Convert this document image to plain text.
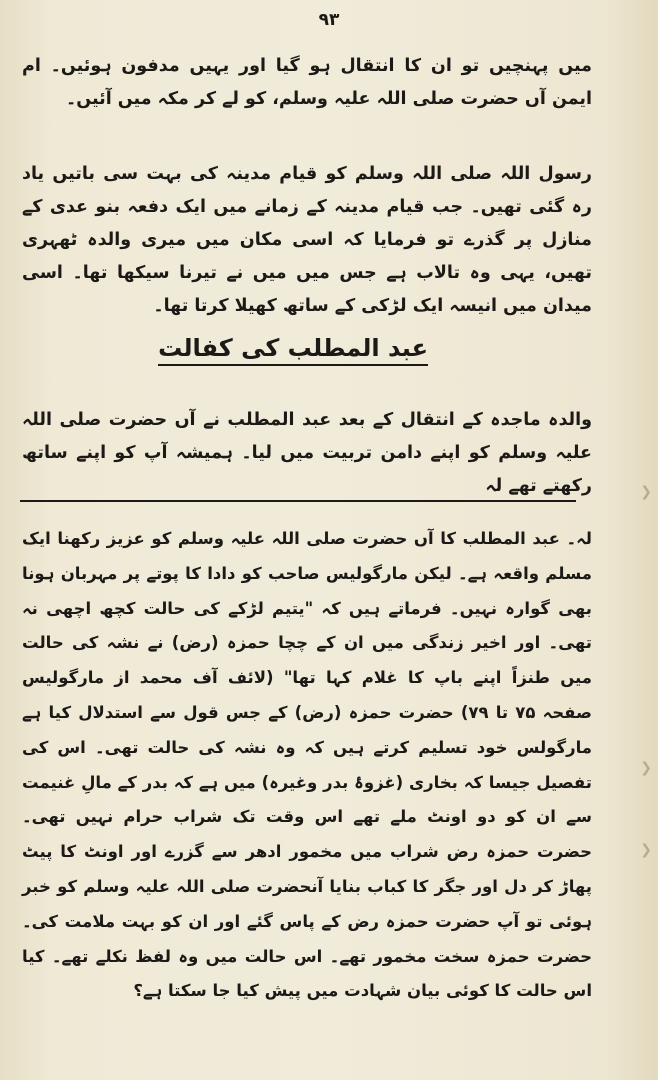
۹۳

میں پہنچیں تو ان کا انتقال ہو گیا اور یہیں مدفون ہوئیں۔ ام ایمن آں حضرت صلی اللہ علیہ وسلم، کو لے کر مکہ میں آئیں۔

رسول اللہ صلی اللہ وسلم کو قیام مدینہ کی بہت سی باتیں یاد رہ گئی تھیں۔ جب قیام مدینہ کے زمانے میں ایک دفعہ بنو عدی کے منازل پر گذرے تو فرمایا کہ اسی مکان میں میری والدہ ٹھہری تھیں، یہی وہ تالاب ہے جس میں میں نے تیرنا سیکھا تھا۔ اسی میدان میں انیسہ ایک لڑکی کے ساتھ کھیلا کرتا تھا۔

عبد المطلب کی کفالت

والدہ ماجدہ کے انتقال کے بعد عبد المطلب نے آں حضرت صلی اللہ علیہ وسلم کو اپنے دامن تربیت میں لیا۔ ہمیشہ آپ کو اپنے ساتھ رکھتے تھے لہ

لہ۔ عبد المطلب کا آں حضرت صلی اللہ علیہ وسلم کو عزیز رکھنا ایک مسلم واقعہ ہے۔ لیکن مارگولیس صاحب کو دادا کا پوتے پر مہربان ہونا بھی گوارہ نہیں۔ فرماتے ہیں کہ "یتیم لڑکے کی حالت کچھ اچھی نہ تھی۔ اور اخیر زندگی میں ان کے چچا حمزہ (رض) نے نشہ کی حالت میں طنزاً اپنے باپ کا غلام کہا تھا" (لائف آف محمد از مارگولیس صفحہ ۷۵ تا ۷۹) حضرت حمزہ (رض) کے جس قول سے استدلال کیا ہے مارگولس خود تسلیم کرتے ہیں کہ وہ نشہ کی حالت تھی۔ اس کی تفصیل جیسا کہ بخاری (غزوۂ بدر وغیرہ) میں ہے کہ بدر کے مالِ غنیمت سے ان کو دو اونٹ ملے تھے اس وقت تک شراب حرام نہیں تھی۔ حضرت حمزہ رض شراب میں مخمور ادھر سے گزرے اور اونٹ کا پیٹ پھاڑ کر دل اور جگر کا کباب بنایا آنحضرت صلی اللہ علیہ وسلم کو خبر ہوئی تو آپ حضرت حمزہ رض کے پاس گئے اور ان کو بہت ملامت کی۔ حضرت حمزہ سخت مخمور تھے۔ اس حالت میں وہ لفظ نکلے تھے۔ کیا اس حالت کا کوئی بیان شہادت میں پیش کیا جا سکتا ہے؟

❯
❯
❯
